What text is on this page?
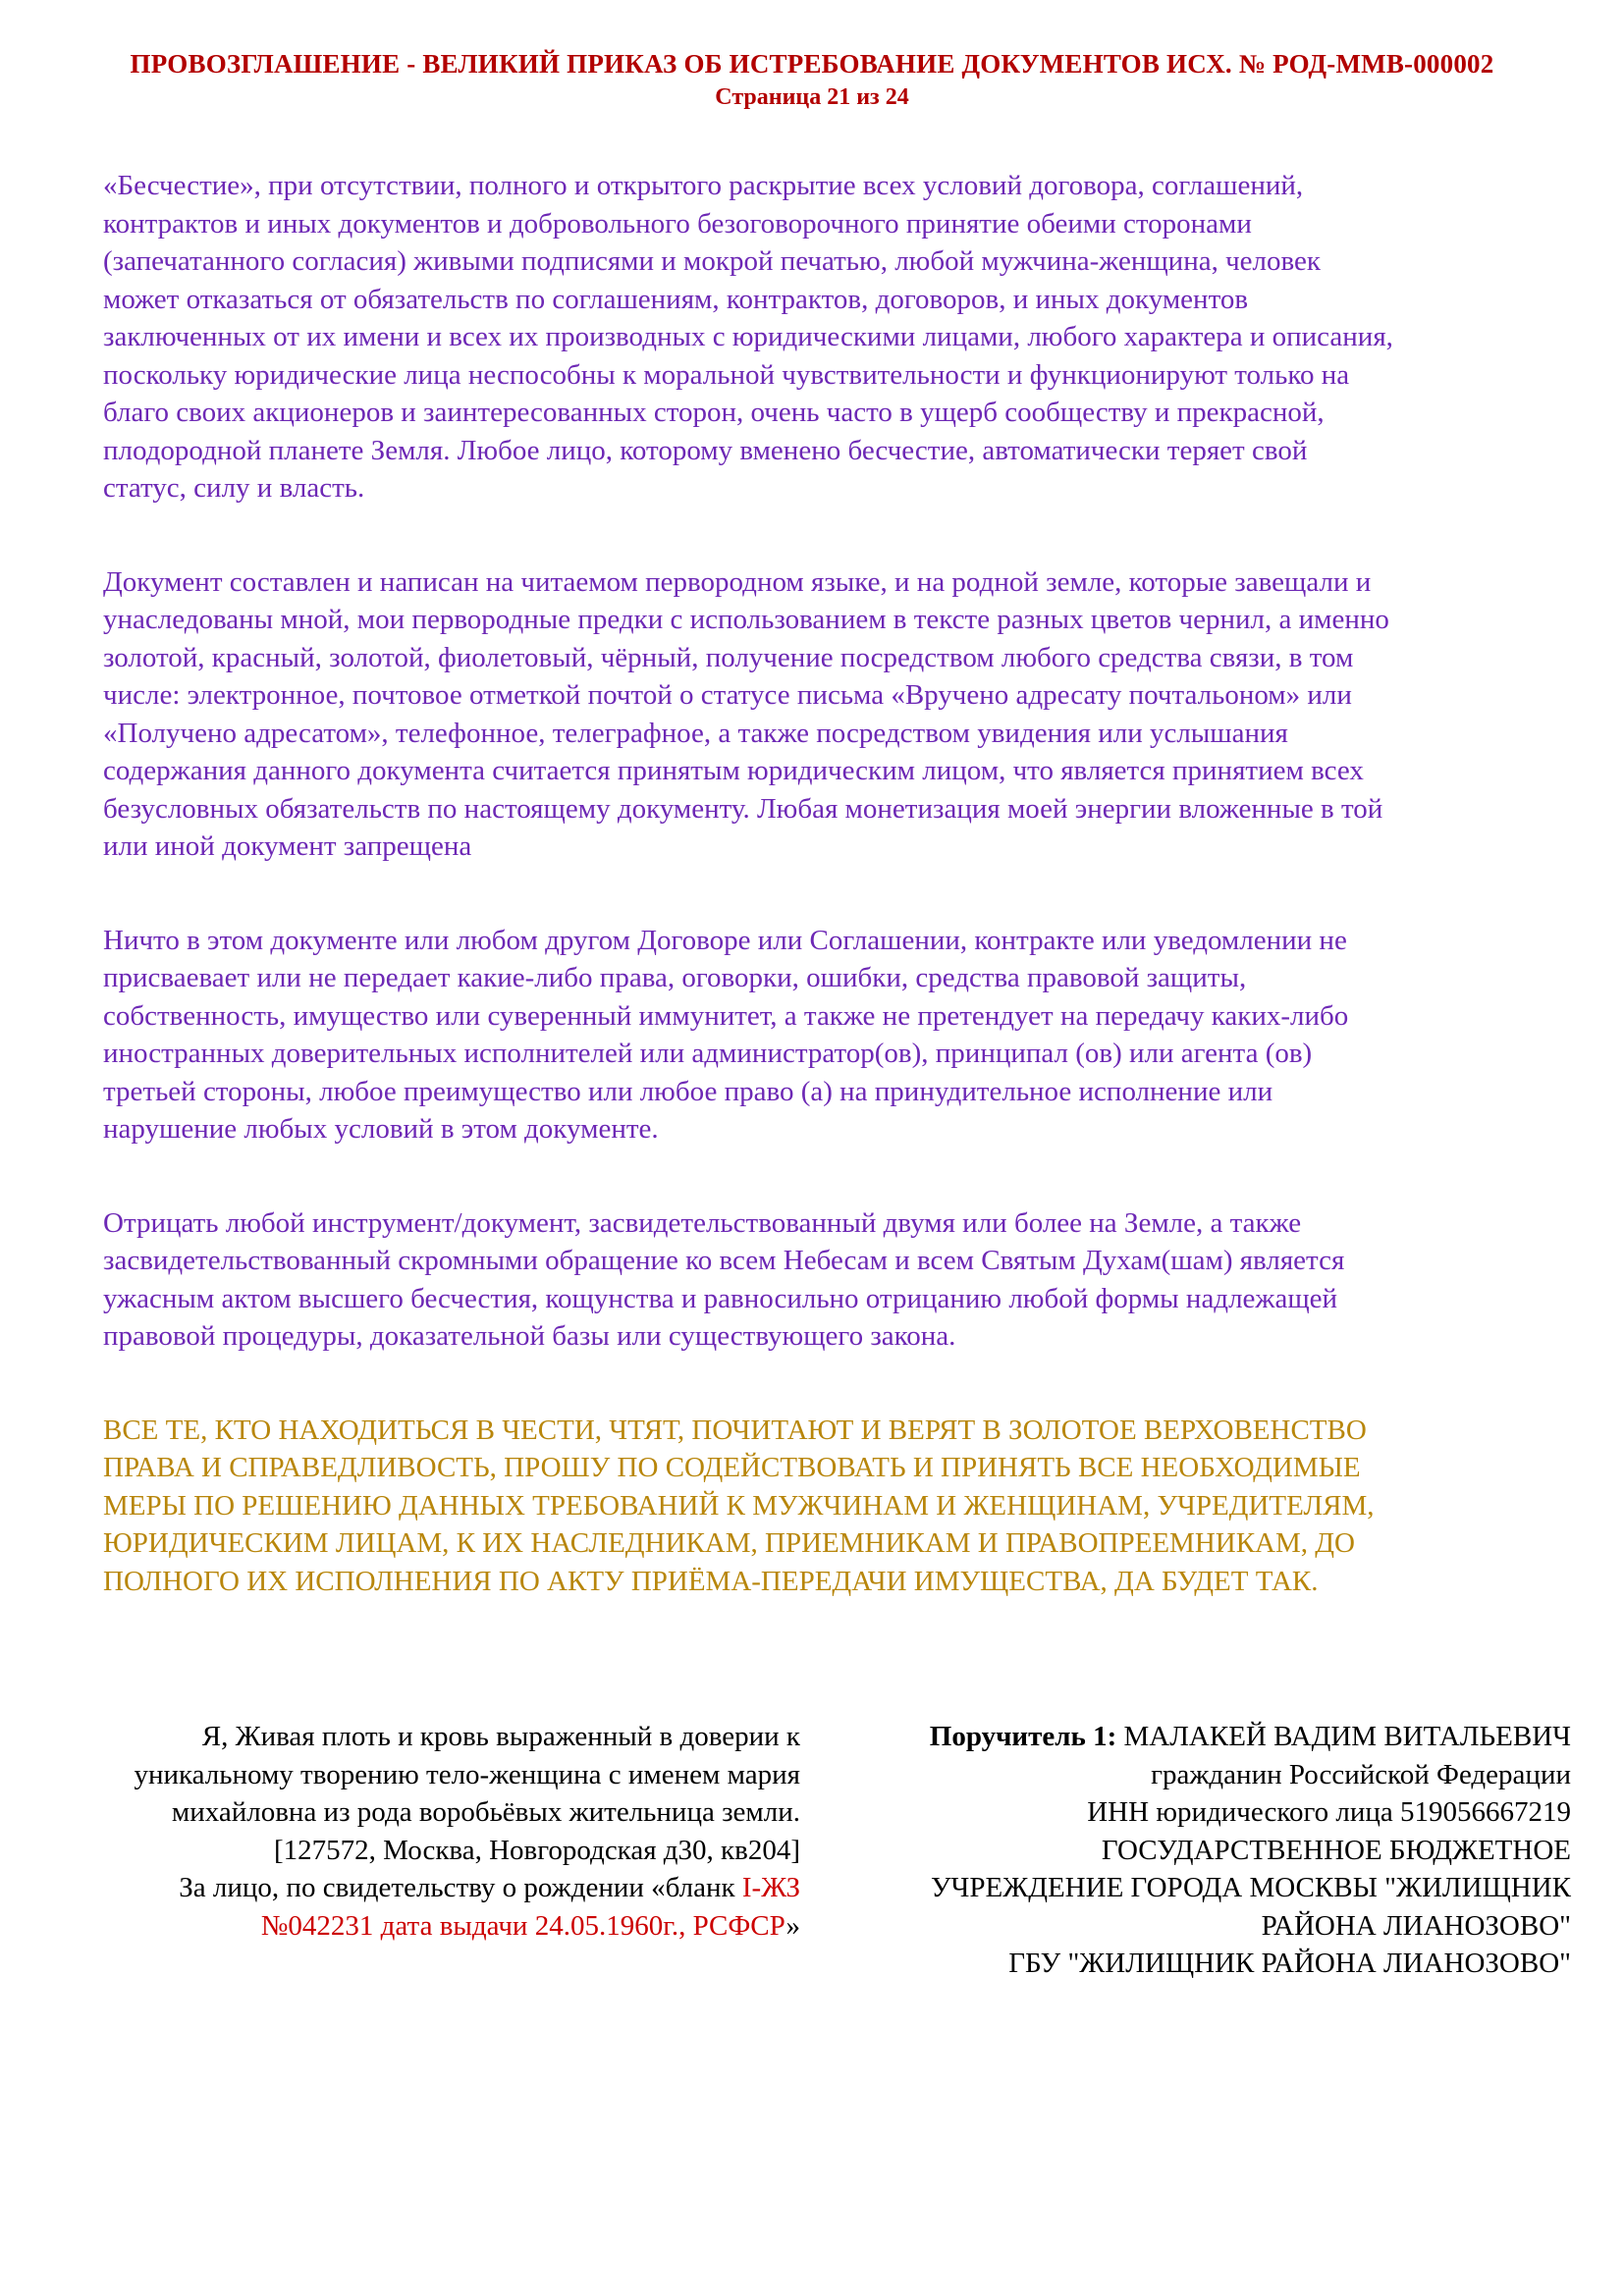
ПРОВОЗГЛАШЕНИЕ - ВЕЛИКИЙ ПРИКАЗ ОБ ИСТРЕБОВАНИЕ ДОКУМЕНТОВ ИСХ. № РОД-ММВ-000002
Страница 21 из 24

«Бесчестие», при отсутствии, полного и открытого раскрытие всех условий договора, соглашений, контрактов и иных документов и добровольного безоговорочного принятие обеими сторонами (запечатанного согласия) живыми подписями и мокрой печатью, любой мужчина-женщина, человек может отказаться от обязательств по соглашениям, контрактов, договоров, и иных документов заключенных от их имени и всех их производных с юридическими лицами, любого характера и описания, поскольку юридические лица неспособны к моральной чувствительности и функционируют только на благо своих акционеров и заинтересованных сторон, очень часто в ущерб сообществу и прекрасной, плодородной планете Земля. Любое лицо, которому вменено бесчестие, автоматически теряет свой статус, силу и власть.

Документ составлен и написан на читаемом первородном языке, и на родной земле, которые завещали и унаследованы мной, мои первородные предки с использованием в тексте разных цветов чернил, а именно золотой, красный, золотой, фиолетовый, чёрный, получение посредством любого средства связи, в том числе: электронное, почтовое отметкой почтой о статусе письма «Вручено адресату почтальоном» или «Получено адресатом», телефонное, телеграфное, а также посредством увидения или услышания содержания данного документа считается принятым юридическим лицом, что является принятием всех безусловных обязательств по настоящему документу. Любая монетизация моей энергии вложенные в той или иной документ запрещена

Ничто в этом документе или любом другом Договоре или Соглашении, контракте или уведомлении не присваевает или не передает какие-либо права, оговорки, ошибки, средства правовой защиты, собственность, имущество или суверенный иммунитет, а также не претендует на передачу каких-либо иностранных доверительных исполнителей или администратор(ов), принципал (ов) или агента (ов) третьей стороны, любое преимущество или любое право (а) на принудительное исполнение или нарушение любых условий в этом документе.

Отрицать любой инструмент/документ, засвидетельствованный двумя или более на Земле, а также засвидетельствованный скромными обращение ко всем Небесам и всем Святым Духам(шам) является ужасным актом высшего бесчестия, кощунства и равносильно отрицанию любой формы надлежащей правовой процедуры, доказательной базы или существующего закона.

ВСЕ ТЕ, КТО НАХОДИТЬСЯ В ЧЕСТИ, ЧТЯТ, ПОЧИТАЮТ И ВЕРЯТ В ЗОЛОТОЕ ВЕРХОВЕНСТВО ПРАВА И СПРАВЕДЛИВОСТЬ, ПРОШУ ПО СОДЕЙСТВОВАТЬ И ПРИНЯТЬ ВСЕ НЕОБХОДИМЫЕ МЕРЫ ПО РЕШЕНИЮ ДАННЫХ ТРЕБОВАНИЙ К МУЖЧИНАМ И ЖЕНЩИНАМ, УЧРЕДИТЕЛЯМ, ЮРИДИЧЕСКИМ ЛИЦАМ, К ИХ НАСЛЕДНИКАМ, ПРИЕМНИКАМ И ПРАВОПРЕЕМНИКАМ, ДО ПОЛНОГО ИХ ИСПОЛНЕНИЯ ПО АКТУ ПРИЁМА-ПЕРЕДАЧИ ИМУЩЕСТВА, ДА БУДЕТ ТАК.

Я, Живая плоть и кровь выраженный в доверии к уникальному творению тело-женщина с именем мария михайловна из рода воробьёвых жительница земли.
[127572, Москва, Новгородская д30, кв204]
За лицо, по свидетельству о рождении «бланк I-ЖЗ №042231 дата выдачи 24.05.1960г., РСФСР»
Поручитель 1: МАЛАКЕЙ ВАДИМ ВИТАЛЬЕВИЧ
гражданин Российской Федерации
ИНН юридического лица 519056667219
ГОСУДАРСТВЕННОЕ БЮДЖЕТНОЕ УЧРЕЖДЕНИЕ ГОРОДА МОСКВЫ "ЖИЛИЩНИК РАЙОНА ЛИАНОЗОВО"
ГБУ "ЖИЛИЩНИК РАЙОНА ЛИАНОЗОВО"
